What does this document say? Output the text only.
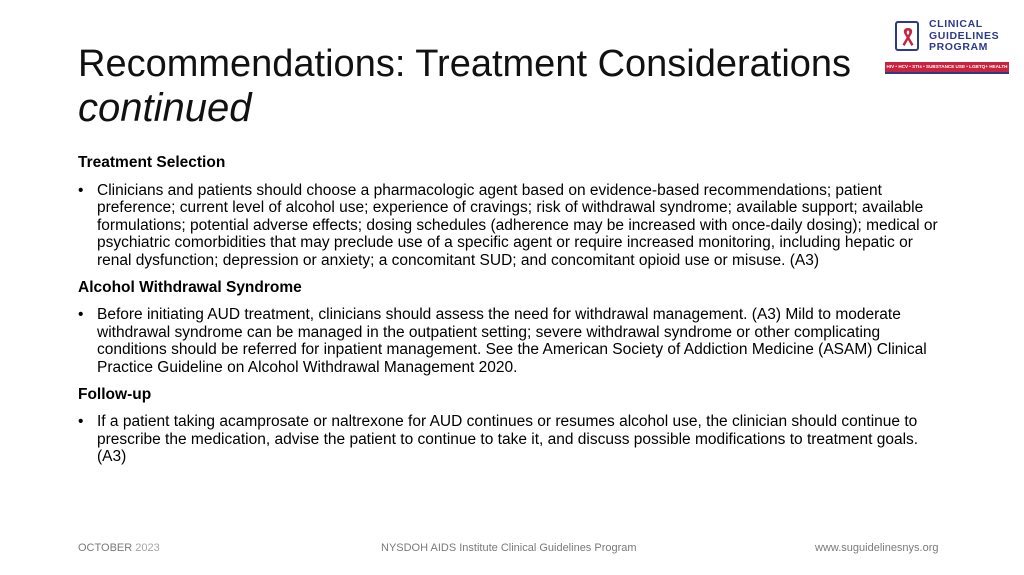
Recommendations: Treatment Considerations
continued
CLINICAL
GUIDELINES
PROGRAM
HIV • HCV • STIs • SUBSTANCE USE • LGBTQ+ HEALTH
Treatment Selection
• Clinicians and patients should choose a pharmacologic agent based on evidence-based recommendations; patient preference; current level of alcohol use; experience of cravings; risk of withdrawal syndrome; available support; available formulations; potential adverse effects; dosing schedules (adherence may be increased with once-daily dosing); medical or psychiatric comorbidities that may preclude use of a specific agent or require increased monitoring, including hepatic or renal dysfunction; depression or anxiety; a concomitant SUD; and concomitant opioid use or misuse. (A3)
Alcohol Withdrawal Syndrome
• Before initiating AUD treatment, clinicians should assess the need for withdrawal management. (A3) Mild to moderate withdrawal syndrome can be managed in the outpatient setting; severe withdrawal syndrome or other complicating conditions should be referred for inpatient management. See the American Society of Addiction Medicine (ASAM) Clinical Practice Guideline on Alcohol Withdrawal Management 2020.
Follow-up
• If a patient taking acamprosate or naltrexone for AUD continues or resumes alcohol use, the clinician should continue to prescribe the medication, advise the patient to continue to take it, and discuss possible modifications to treatment goals. (A3)
OCTOBER 2023	NYSDOH AIDS Institute Clinical Guidelines Program	www.suguidelinesnys.org
